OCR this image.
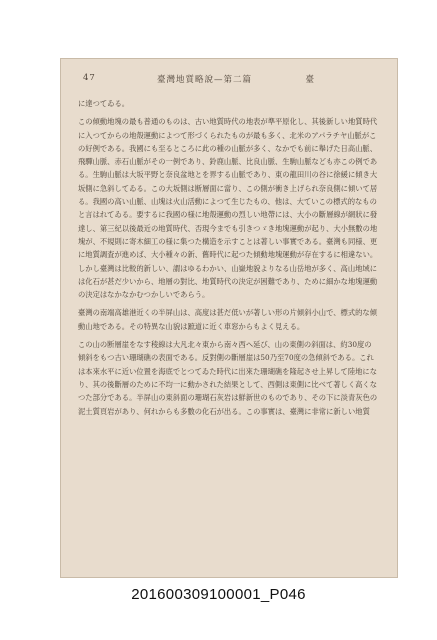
47	臺灣地質略說—第二篇	臺

に達つてゐる。

この傾動地塊の最も普通のものは、古い地質時代の地表が準平原化し、其後新しい地質時代に入つてからの地殼運動によつて形づくられたものが最も多く、北米のアパラチヤ山脈がこの好例である。我國にも至るところに此の種の山脈が多く、なかでも前に舉げた日高山脈、飛驒山脈、赤石山脈がその一例であり、鈴鹿山脈、比良山脈、生駒山脈なども亦この例である。生駒山脈は大坂平野と奈良盆地とを界する山脈であり、東の龍田川の谷に徐緩に傾き大坂側に急斜してゐる。この大坂側は断層面に當り、この側が衝き上げられ奈良側に傾いて居る。我國の高い山脈、山塊は火山活動によつて生じたもの、他は、大ていこの標式的なものと言はれてゐる。要するに我國の様に地殼運動の烈しい地帶には、大小の斷層線が網狀に發達し、第三紀以後最近の地質時代、否現今までも引きつゞき地塊運動が起り、大小無數の地塊が、不規則に寄木細工の様に集つた構造を示すことは著しい事實である。臺灣も同様、更に地質調査が進めば、大小種々の新、舊時代に起つた傾動地塊運動が存在するに相違ない。しかし臺灣は比較的新しい、謂はゆるわかい、山嶽地貌よりなる山岳地が多く、高山地域には化石が甚だ少いから、地層の對比、地質時代の決定が困難であり、ために細かな地塊運動の決定はなかなかむつかしいであらう。

臺灣の南端高雄港近くの半屏山は、高度は甚だ低いが著しい形の片傾斜小山で、標式的な傾動山地である。その特異な山貌は蹠道に近く車窓からもよく見える。

この山の断層崖をなす稜線は大凡北々東から南々西へ延び、山の東側の斜面は、約30度の傾斜をもつ古い珊瑚礁の表面である。反對側の斷層崖は50乃至70度の急傾斜である。これは本來水平に近い位置を海底でとつてゐた時代に出來た珊瑚礁を隆起させ上昇して陸地になり、其の後斷層のために不均一に動かされた結果として、西側は東側に比べて著しく高くなつた部分である。半屏山の東斜面の珊瑚石灰岩は鮮新世のものであり、その下に淡青灰色の泥土質頁岩があり、何れからも多數の化石が出る。この事實は、臺灣に非常に新しい地質

201600309100001_P046
